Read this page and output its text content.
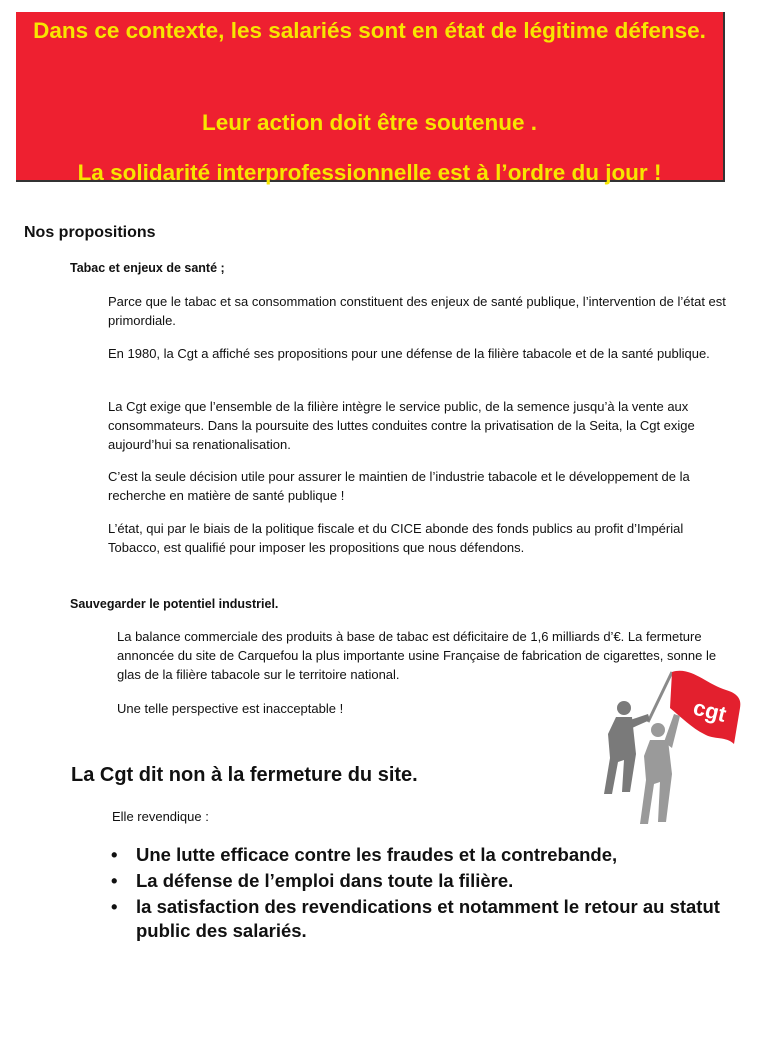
Dans ce contexte, les salariés sont en état de légitime défense.

Leur action doit être soutenue .

La solidarité interprofessionnelle est à l’ordre du jour !

Nos propositions
Tabac et enjeux de santé ;

Parce que le tabac et sa consommation constituent des enjeux de santé publique, l’intervention de l’état est primordiale.

En 1980, la Cgt a affiché ses propositions pour une défense de la filière tabacole et de la santé publique.

La Cgt exige que l’ensemble de la filière intègre le service public, de la semence jusqu’à la vente aux consommateurs. Dans la poursuite des luttes conduites contre la privatisation de la Seita, la Cgt exige aujourd’hui sa renationalisation.

C’est la seule décision utile pour assurer le maintien de l’industrie tabacole et le développement de la recherche en matière de santé publique !

L’état, qui par le biais de la politique fiscale et du CICE abonde des fonds publics au profit d’Impérial Tobacco, est qualifié pour imposer les propositions que nous défendons.

Sauvegarder le potentiel industriel.

La balance commerciale des produits à base de tabac est déficitaire de 1,6 milliards d’€. La fermeture annoncée du site de Carquefou la plus importante usine Française de fabrication de cigarettes, sonne le glas de la filière tabacole sur le territoire national.

Une telle perspective est inacceptable !	cgt
La Cgt dit non à la fermeture du site.

Elle revendique :

• Une lutte efficace contre les fraudes et la contrebande,
• La défense de l’emploi dans toute la filière.
• la satisfaction des revendications et notamment le retour au statut public des salariés.
